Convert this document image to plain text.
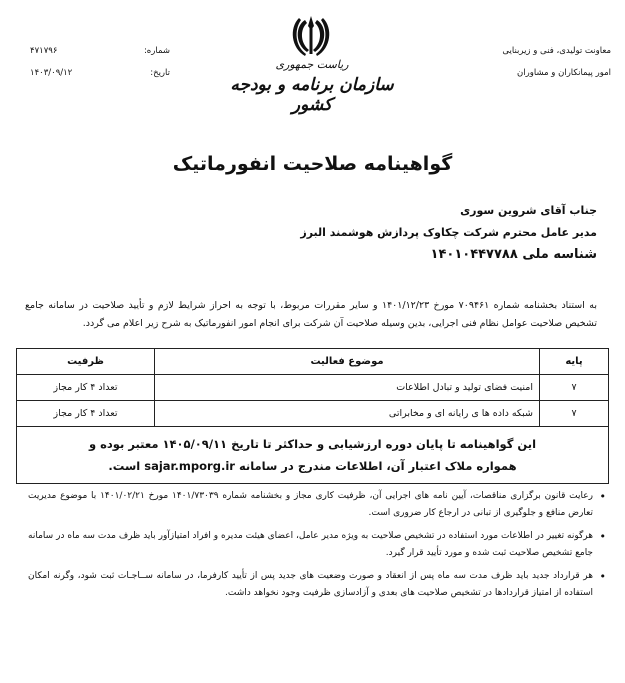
معاونت تولیدی، فنی و زیربنایی
امور پیمانکاران و مشاوران
شماره:
۴۷۱۷۹۶
تاریخ:
۱۴۰۳/۰۹/۱۲
ریاست جمهوری
سازمان برنامه و بودجه کشور
گواهینامه صلاحیت انفورماتیک
جناب آقای شروین سوری
مدیر عامل محترم شرکت چکاوک پردازش هوشمند البرز
شناسه ملی ۱۴۰۱۰۴۴۷۷۸۸
به استناد بخشنامه شماره ۷۰۹۴۶۱ مورخ ۱۴۰۱/۱۲/۲۳ و سایر مقررات مربوط، با توجه به احراز شرایط لازم و تأیید صلاحیت در سامانه جامع تشخیص صلاحیت عوامل نظام فنی اجرایی، بدین وسیله صلاحیت آن شرکت برای انجام امور انفورماتیک به شرح زیر اعلام می گردد.
پایه	موضوع فعالیت	ظرفیت
۷	امنیت فضای تولید و تبادل اطلاعات	تعداد ۴ کار مجاز
۷	شبکه داده ها ی رایانه ای و مخابراتی	تعداد ۴ کار مجاز

این گواهینامه تا پایان دوره ارزشیابی و حداکثر تا تاریخ ۱۴۰۵/۰۹/۱۱ معتبر بوده و
همواره ملاک اعتبار آن، اطلاعات مندرج در سامانه sajar.mporg.ir است.		
• رعایت قانون برگزاری مناقصات، آیین نامه های اجرایی آن، ظرفیت کاری مجاز و بخشنامه شماره ۱۴۰۱/۷۳۰۳۹ مورخ ۱۴۰۱/۰۲/۲۱ با موضوع مدیریت تعارض منافع و جلوگیری از تبانی در ارجاع کار ضروری است.
• هرگونه تغییر در اطلاعات مورد استفاده در تشخیص صلاحیت به ویژه مدیر عامل، اعضای هیئت مدیره و افراد امتیازآور باید ظرف مدت سه ماه در سامانه جامع تشخیص صلاحیت ثبت شده و مورد تأیید قرار گیرد.
• هر قرارداد جدید باید ظرف مدت سه ماه پس از انعقاد و صورت وضعیت های جدید پس از تأیید کارفرما، در سامانه ســاجـات ثبت شود، وگرنه امکان استفاده از امتیاز قراردادها در تشخیص صلاحیت های بعدی و آزادسازی ظرفیت وجود نخواهد داشت.
